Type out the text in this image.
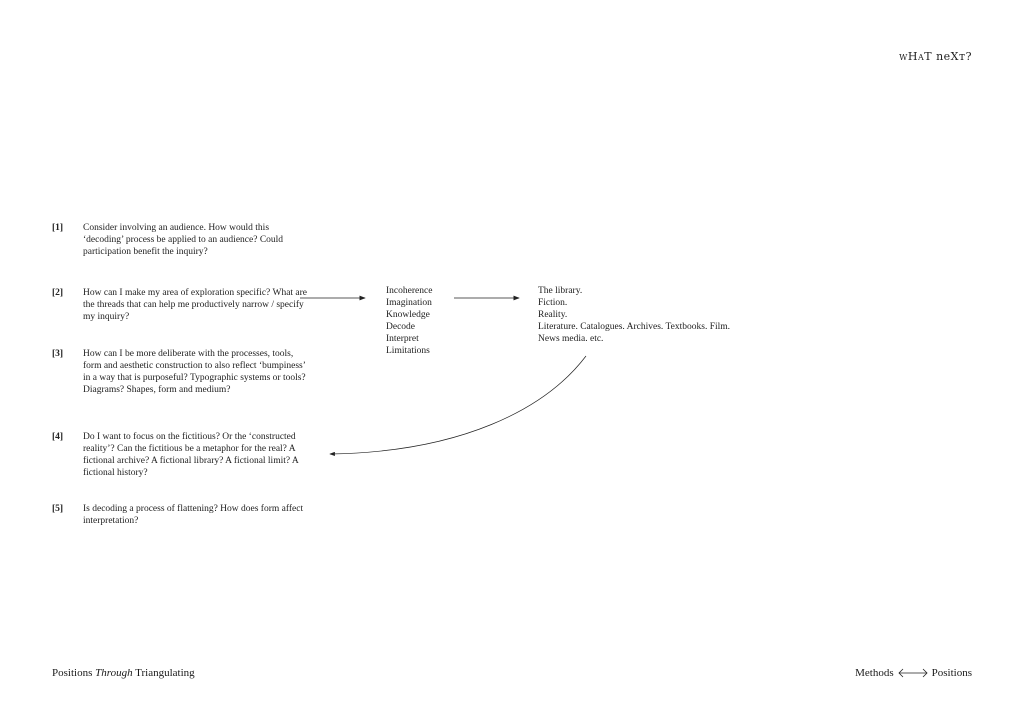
wHaT neXт?
[1] Consider involving an audience. How would this ‘decoding’ process be applied to an audience? Could participation benefit the inquiry?
[2] How can I make my area of exploration specific? What are the threads that can help me productively narrow / specify my inquiry?
[3] How can I be more deliberate with the processes, tools, form and aesthetic construction to also reflect ‘bumpiness’ in a way that is purposeful? Typographic systems or tools? Diagrams? Shapes, form and medium?
[4] Do I want to focus on the fictitious? Or the ‘constructed reality’? Can the fictitious be a metaphor for the real? A fictional archive? A fictional library? A fictional limit? A fictional history?
[5] Is decoding a process of flattening? How does form affect interpretation?
Incoherence
Imagination
Knowledge
Decode
Interpret
Limitations
The library.
Fiction.
Reality.
Literature. Catalogues. Archives. Textbooks. Film.
News media. etc.
Positions Through Triangulating	Methods	Positions
